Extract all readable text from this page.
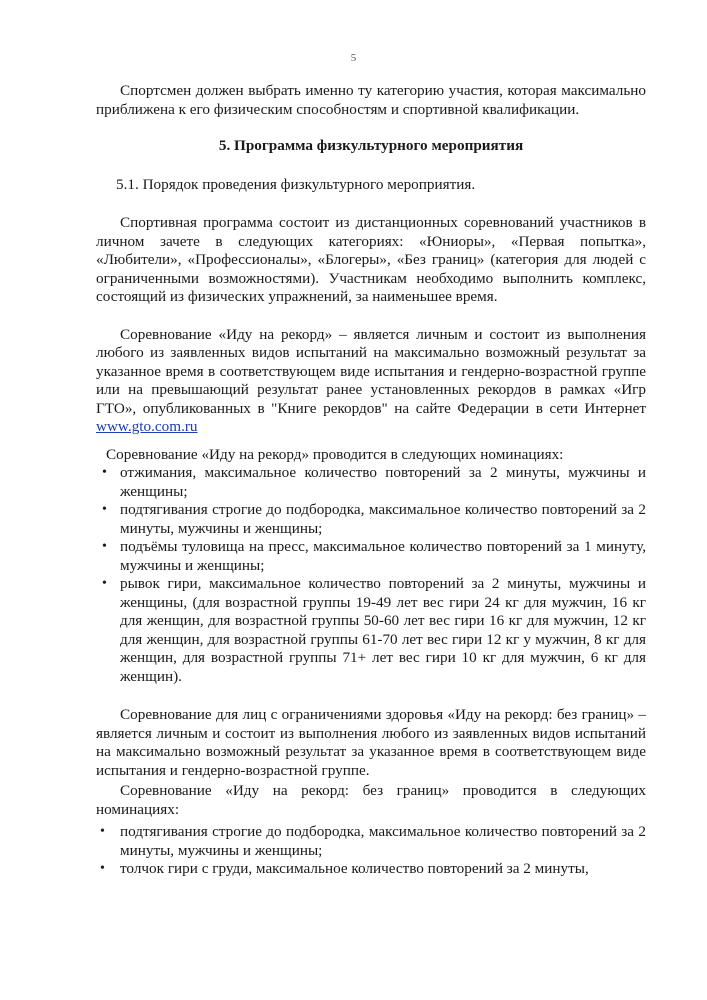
5

Спортсмен должен выбрать именно ту категорию участия, которая максимально приближена к его физическим способностям и спортивной квалификации.

5. Программа физкультурного мероприятия

5.1. Порядок проведения физкультурного мероприятия.

Спортивная программа состоит из дистанционных соревнований участников в личном зачете в следующих категориях: «Юниоры», «Первая попытка», «Любители», «Профессионалы», «Блогеры», «Без границ» (категория для людей с ограниченными возможностями). Участникам необходимо выполнить комплекс, состоящий из физических упражнений, за наименьшее время.

Соревнование «Иду на рекорд» – является личным и состоит из выполнения любого из заявленных видов испытаний на максимально возможный результат за указанное время в соответствующем виде испытания и гендерно-возрастной группе или на превышающий результат ранее установленных рекордов в рамках «Игр ГТО», опубликованных в "Книге рекордов" на сайте Федерации в сети Интернет www.gto.com.ru

Соревнование «Иду на рекорд» проводится в следующих номинациях:

• отжимания, максимальное количество повторений за 2 минуты, мужчины и женщины;
• подтягивания строгие до подбородка, максимальное количество повторений за 2 минуты, мужчины и женщины;
• подъёмы туловища на пресс, максимальное количество повторений за 1 минуту, мужчины и женщины;
• рывок гири, максимальное количество повторений за 2 минуты, мужчины и женщины, (для возрастной группы 19-49 лет вес гири 24 кг для мужчин, 16 кг для женщин, для возрастной группы 50-60 лет вес гири 16 кг для мужчин, 12 кг для женщин, для возрастной группы 61-70 лет вес гири 12 кг у мужчин, 8 кг для женщин, для возрастной группы 71+ лет вес гири 10 кг для мужчин, 6 кг для женщин).

Соревнование для лиц с ограничениями здоровья «Иду на рекорд: без границ» – является личным и состоит из выполнения любого из заявленных видов испытаний на максимально возможный результат за указанное время в соответствующем виде испытания и гендерно-возрастной группе.

Соревнование «Иду на рекорд: без границ» проводится в следующих номинациях:

• подтягивания строгие до подбородка, максимальное количество повторений за 2 минуты, мужчины и женщины;
• толчок гири с груди, максимальное количество повторений за 2 минуты,
